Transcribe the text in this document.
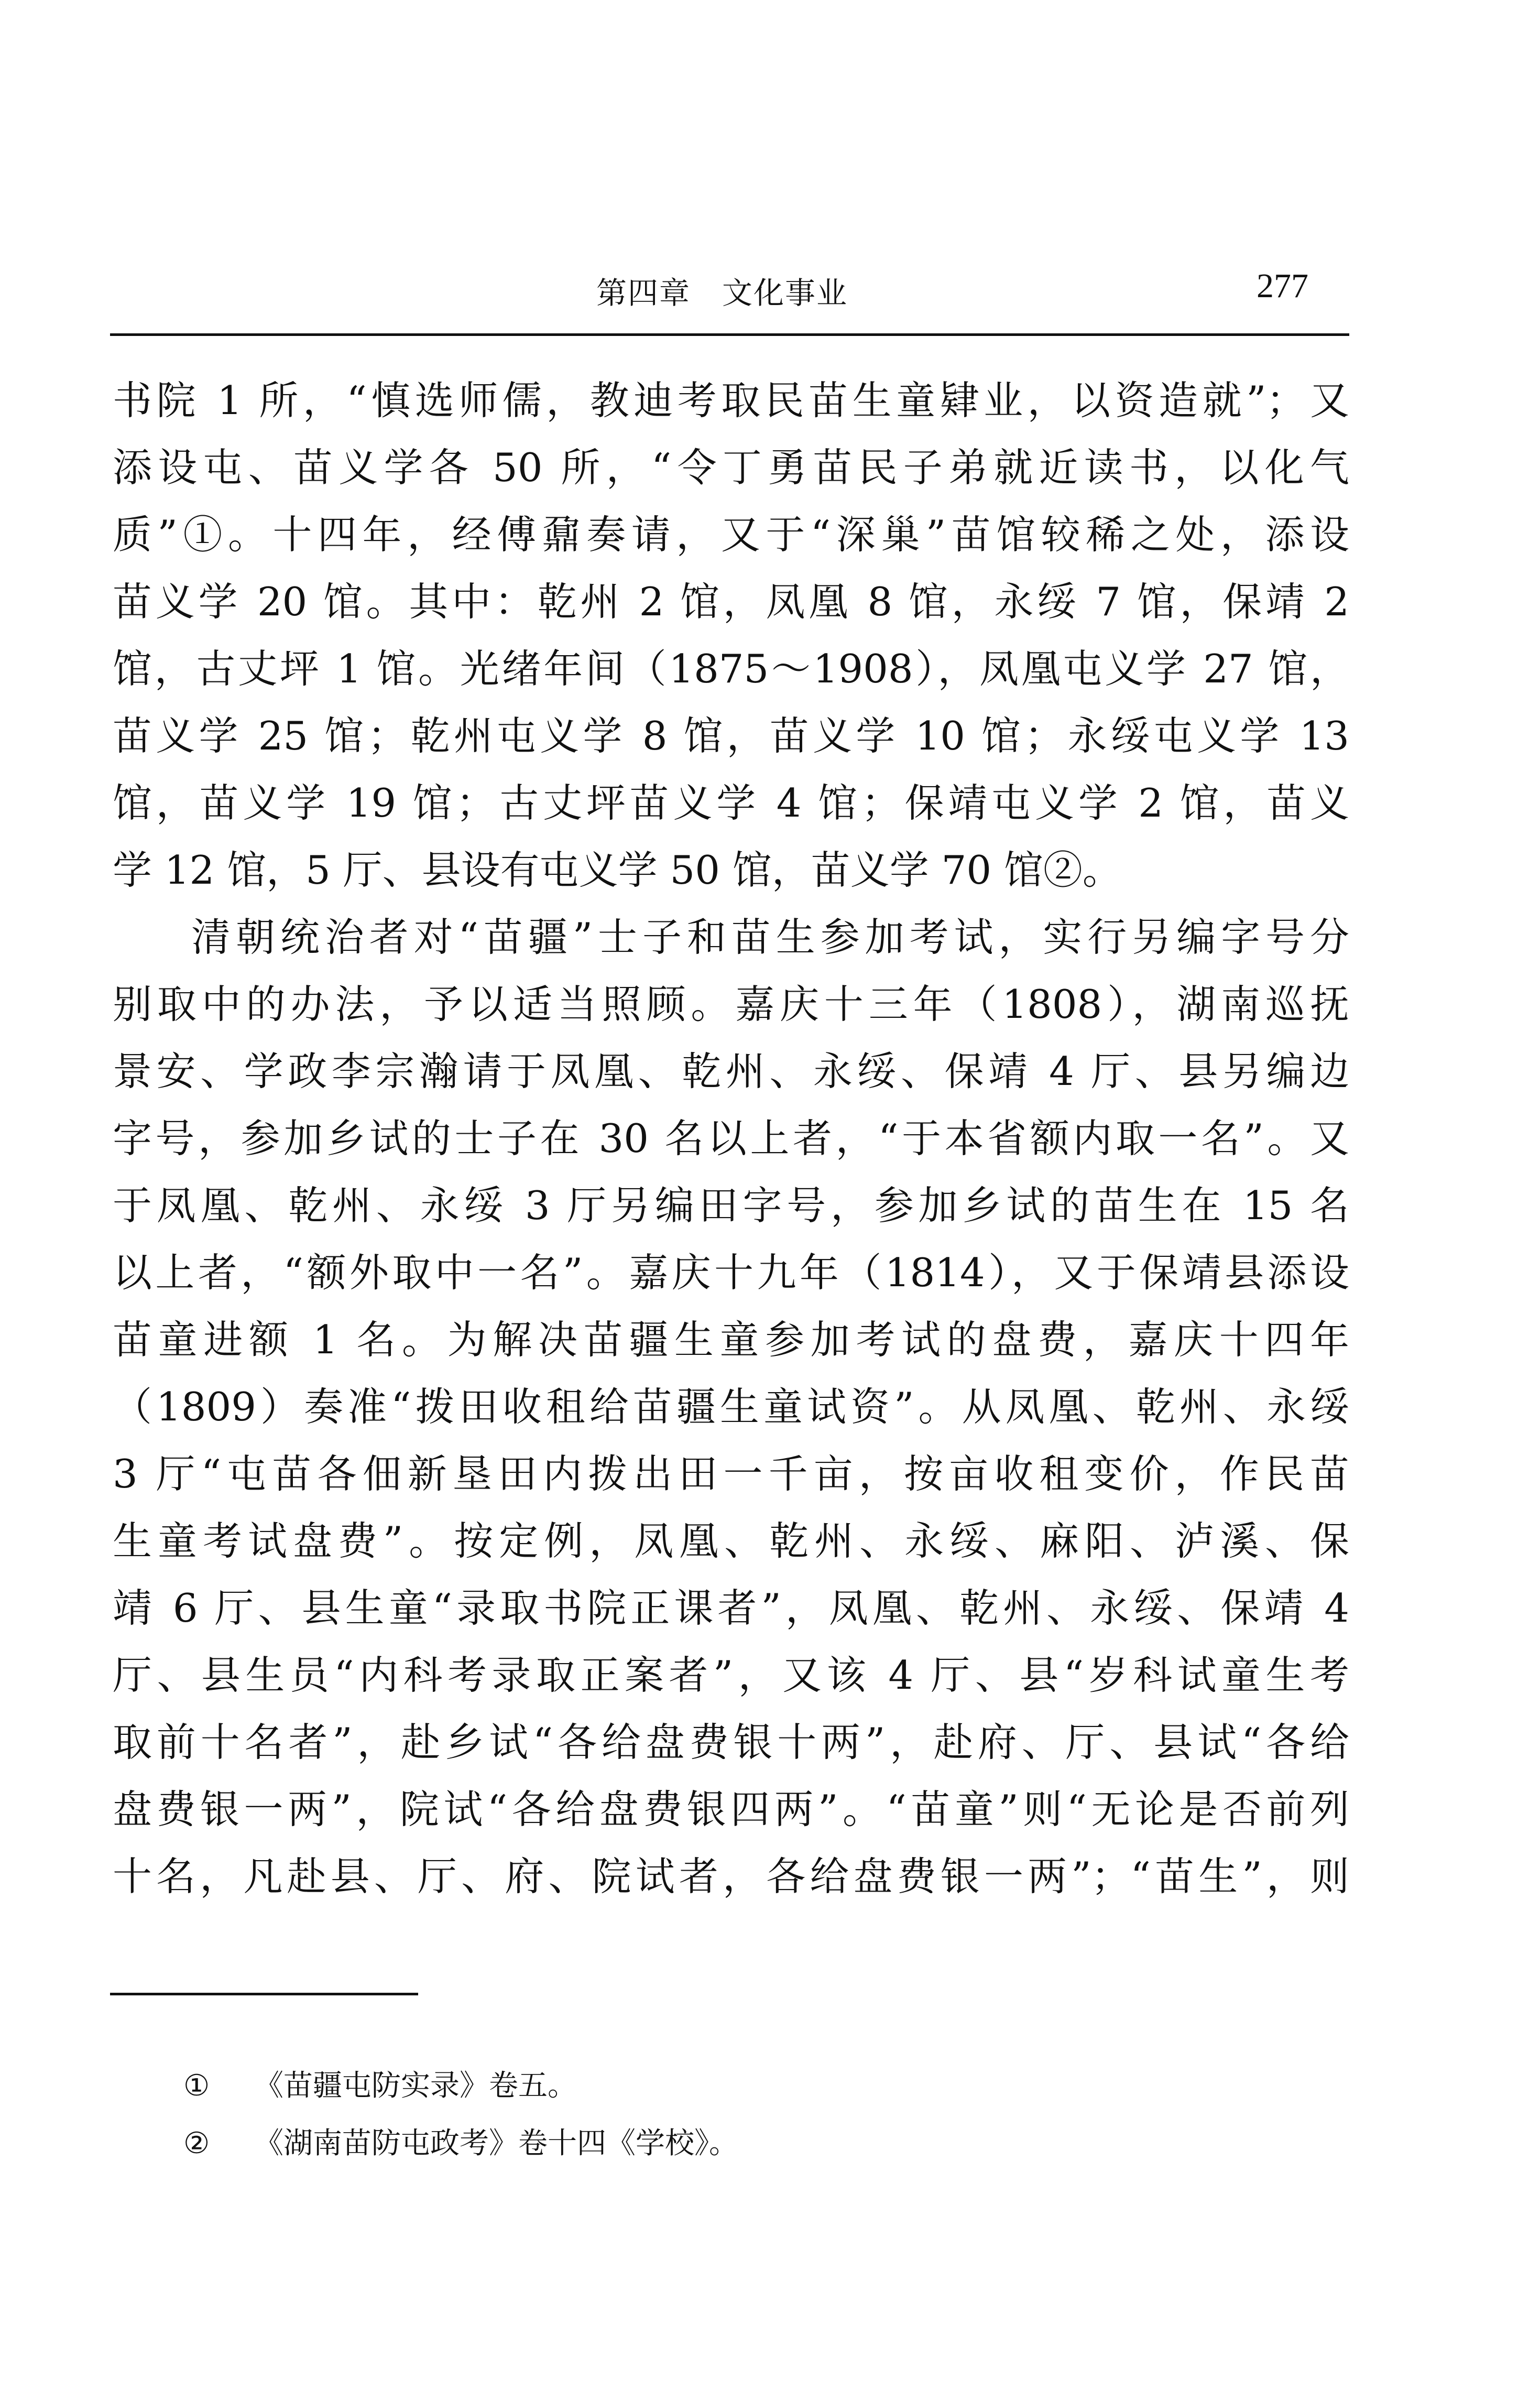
第四章　文化事业	277
书院 1 所，“慎选师儒，教迪考取民苗生童肄业，以资造就”；又
添设屯、苗义学各 50 所，“令丁勇苗民子弟就近读书，以化气
质”①。十四年，经傅鼐奏请，又于“深巢”苗馆较稀之处，添设
苗义学 20 馆。其中：乾州 2 馆，凤凰 8 馆，永绥 7 馆，保靖 2
馆，古丈坪 1 馆。光绪年间（1875～1908），凤凰屯义学 27 馆，
苗义学 25 馆；乾州屯义学 8 馆，苗义学 10 馆；永绥屯义学 13
馆，苗义学 19 馆；古丈坪苗义学 4 馆；保靖屯义学 2 馆，苗义
学 12 馆，5 厅、县设有屯义学 50 馆，苗义学 70 馆②。
清朝统治者对“苗疆”士子和苗生参加考试，实行另编字号分
别取中的办法，予以适当照顾。嘉庆十三年（1808），湖南巡抚
景安、学政李宗瀚请于凤凰、乾州、永绥、保靖 4 厅、县另编边
字号，参加乡试的士子在 30 名以上者，“于本省额内取一名”。又
于凤凰、乾州、永绥 3 厅另编田字号，参加乡试的苗生在 15 名
以上者，“额外取中一名”。嘉庆十九年（1814），又于保靖县添设
苗童进额 1 名。为解决苗疆生童参加考试的盘费，嘉庆十四年
（1809）奏准“拨田收租给苗疆生童试资”。从凤凰、乾州、永绥
3 厅“屯苗各佃新垦田内拨出田一千亩，按亩收租变价，作民苗
生童考试盘费”。按定例，凤凰、乾州、永绥、麻阳、泸溪、保
靖 6 厅、县生童“录取书院正课者”，凤凰、乾州、永绥、保靖 4
厅、县生员“内科考录取正案者”，又该 4 厅、县“岁科试童生考
取前十名者”，赴乡试“各给盘费银十两”，赴府、厅、县试“各给
盘费银一两”，院试“各给盘费银四两”。“苗童”则“无论是否前列
十名，凡赴县、厅、府、院试者，各给盘费银一两”；“苗生”，则
① 《苗疆屯防实录》卷五。
② 《湖南苗防屯政考》卷十四《学校》。
